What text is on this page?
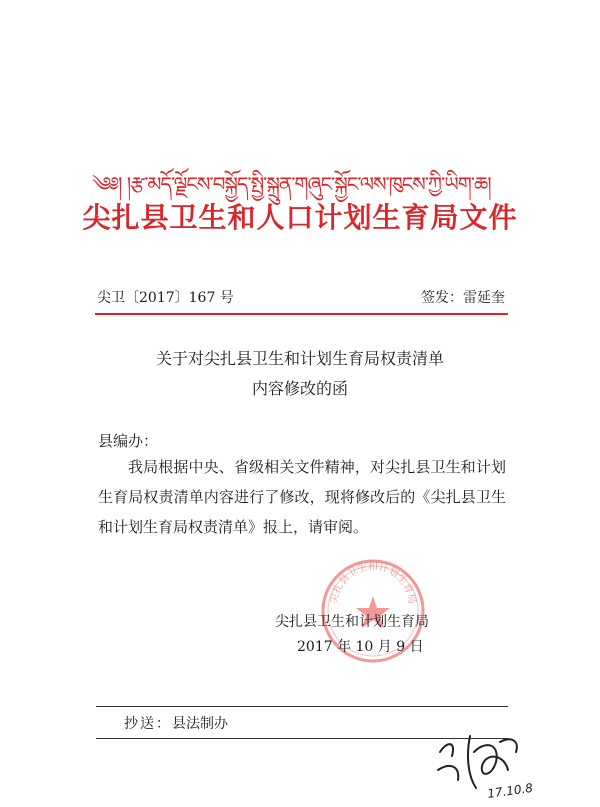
༄༅། །རྩ་མདོ་ལྗོངས་བསྐྱོད་སྤྱི་སྐྲུན་གཞུང་སྐྱོང་ལས་ཁུངས་ཀྱི་ཡིག་ཆ།
尖扎县卫生和人口计划生育局文件
尖卫〔2017〕167 号	签发：雷延奎
关于对尖扎县卫生和计划生育局权责清单
内容修改的函
县编办：
我局根据中央、省级相关文件精神，对尖扎县卫生和计划生育局权责清单内容进行了修改，现将修改后的《尖扎县卫生和计划生育局权责清单》报上，请审阅。
尖扎县卫生和计划生育局
尖扎县卫生和计划生育局
2017 年 10 月 9 日
抄送：县法制办
17.10.8
